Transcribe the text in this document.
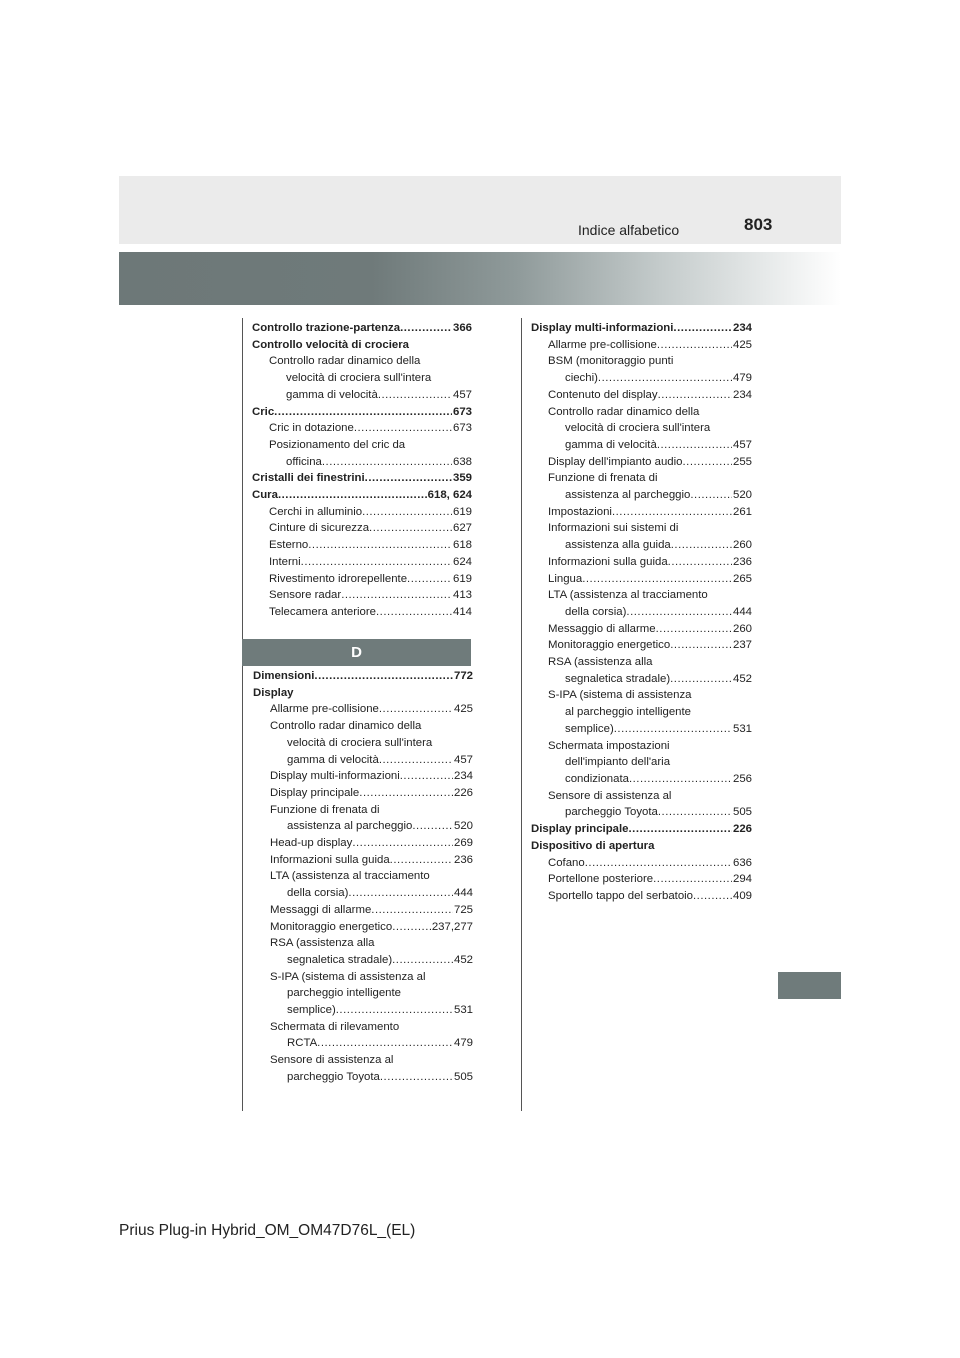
Indice alfabetico	803
Controllo trazione-partenza .....	366
Controllo velocità di crociera
Controllo radar dinamico della
velocità di crociera sull'intera
gamma di velocità .....	457
Cric .....	673
Cric in dotazione .....	673
Posizionamento del cric da
officina .....	638
Cristalli dei finestrini .....	359
Cura .....	618, 624
Cerchi in alluminio .....	619
Cinture di sicurezza .....	627
Esterno .....	618
Interni .....	624
Rivestimento idrorepellente .....	619
Sensore radar .....	413
Telecamera anteriore .....	414
D
Dimensioni .....	772
Display
Allarme pre-collisione .....	425
Controllo radar dinamico della
velocità di crociera sull'intera
gamma di velocità .....	457
Display multi-informazioni .....	234
Display principale .....	226
Funzione di frenata di
assistenza al parcheggio .....	520
Head-up display .....	269
Informazioni sulla guida .....	236
LTA (assistenza al tracciamento
della corsia) .....	444
Messaggi di allarme .....	725
Monitoraggio energetico .....	237,277
RSA (assistenza alla
segnaletica stradale) .....	452
S-IPA (sistema di assistenza al
parcheggio intelligente
semplice) .....	531
Schermata di rilevamento
RCTA .....	479
Sensore di assistenza al
parcheggio Toyota .....	505
Display multi-informazioni .....	234
Allarme pre-collisione .....	425
BSM (monitoraggio punti
ciechi) .....	479
Contenuto del display .....	234
Controllo radar dinamico della
velocità di crociera sull'intera
gamma di velocità .....	457
Display dell'impianto audio .....	255
Funzione di frenata di
assistenza al parcheggio .....	520
Impostazioni .....	261
Informazioni sui sistemi di
assistenza alla guida .....	260
Informazioni sulla guida .....	236
Lingua .....	265
LTA (assistenza al tracciamento
della corsia) .....	444
Messaggio di allarme .....	260
Monitoraggio energetico .....	237
RSA (assistenza alla
segnaletica stradale) .....	452
S-IPA (sistema di assistenza
al parcheggio intelligente
semplice) .....	531
Schermata impostazioni
dell'impianto dell'aria
condizionata .....	256
Sensore di assistenza al
parcheggio Toyota .....	505
Display principale .....	226
Dispositivo di apertura
Cofano .....	636
Portellone posteriore .....	294
Sportello tappo del serbatoio .....	409
Prius Plug-in Hybrid_OM_OM47D76L_(EL)
